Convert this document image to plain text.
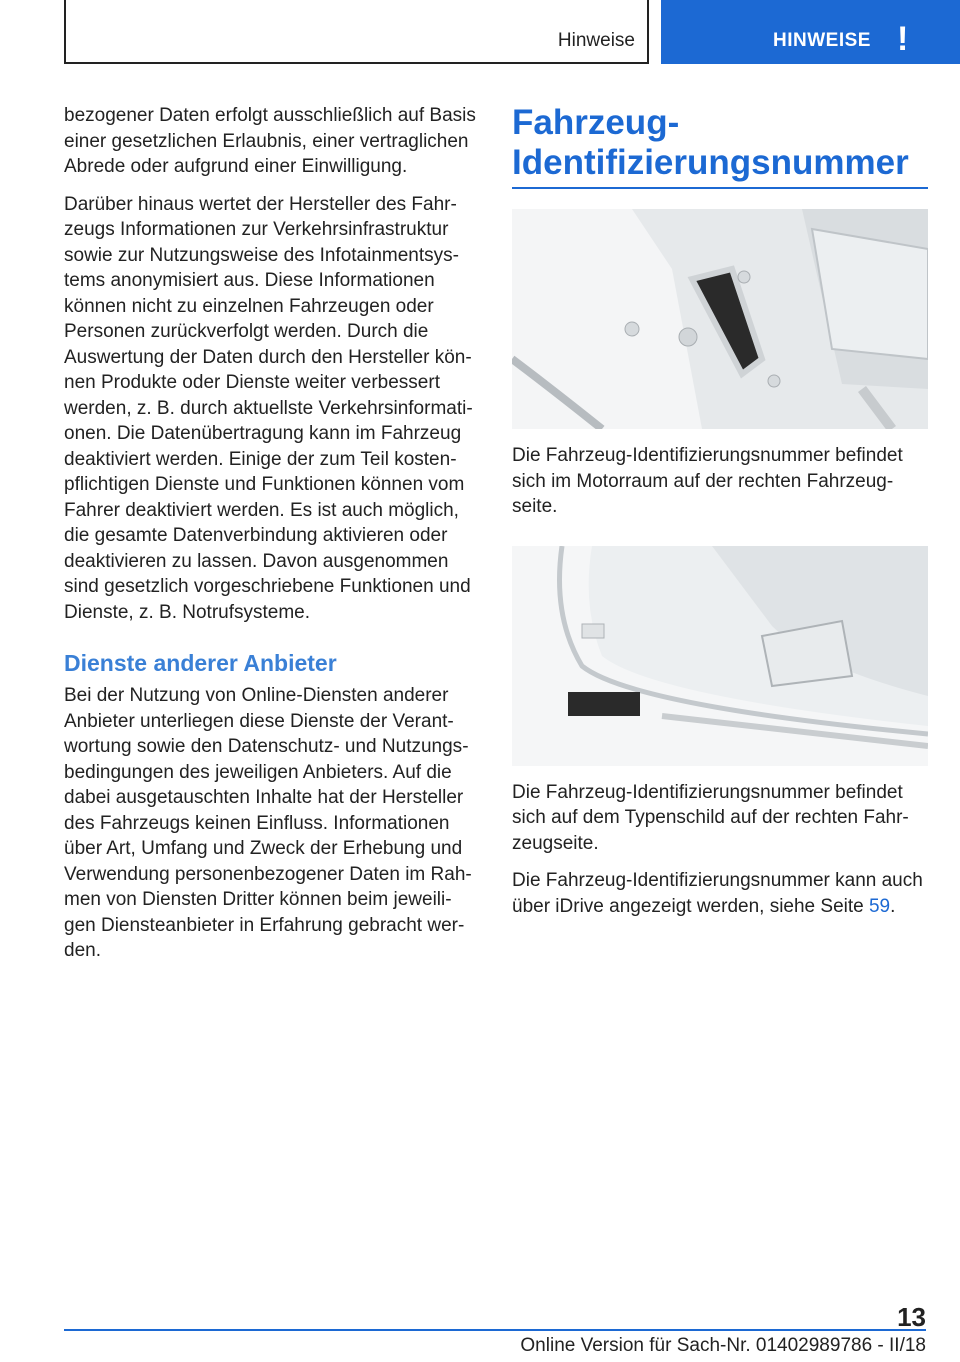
Hinweise	HINWEISE !

bezogener Daten erfolgt ausschließlich auf Basis einer gesetzlichen Erlaubnis, einer vertraglichen Abrede oder aufgrund einer Einwilligung.

Darüber hinaus wertet der Hersteller des Fahrzeugs Informationen zur Verkehrsinfrastruktur sowie zur Nutzungsweise des Infotainmentsystems anonymisiert aus. Diese Informationen können nicht zu einzelnen Fahrzeugen oder Personen zurückverfolgt werden. Durch die Auswertung der Daten durch den Hersteller können Produkte oder Dienste weiter verbessert werden, z. B. durch aktuellste Verkehrsinformationen. Die Datenübertragung kann im Fahrzeug deaktiviert werden. Einige der zum Teil kostenpflichtigen Dienste und Funktionen können vom Fahrer deaktiviert werden. Es ist auch möglich, die gesamte Datenverbindung aktivieren oder deaktivieren zu lassen. Davon ausgenommen sind gesetzlich vorgeschriebene Funktionen und Dienste, z. B. Notrufsysteme.

Dienste anderer Anbieter

Bei der Nutzung von Online-Diensten anderer Anbieter unterliegen diese Dienste der Verantwortung sowie den Datenschutz- und Nutzungsbedingungen des jeweiligen Anbieters. Auf die dabei ausgetauschten Inhalte hat der Hersteller des Fahrzeugs keinen Einfluss. Informationen über Art, Umfang und Zweck der Erhebung und Verwendung personenbezogener Daten im Rahmen von Diensten Dritter können beim jeweiligen Diensteanbieter in Erfahrung gebracht werden.

Fahrzeug-
Identifizierungsnummer

Die Fahrzeug-Identifizierungsnummer befindet sich im Motorraum auf der rechten Fahrzeugseite.

Die Fahrzeug-Identifizierungsnummer befindet sich auf dem Typenschild auf der rechten Fahrzeugseite.

Die Fahrzeug-Identifizierungsnummer kann auch über iDrive angezeigt werden, siehe Seite 59.

13
Online Version für Sach-Nr. 01402989786 - II/18
